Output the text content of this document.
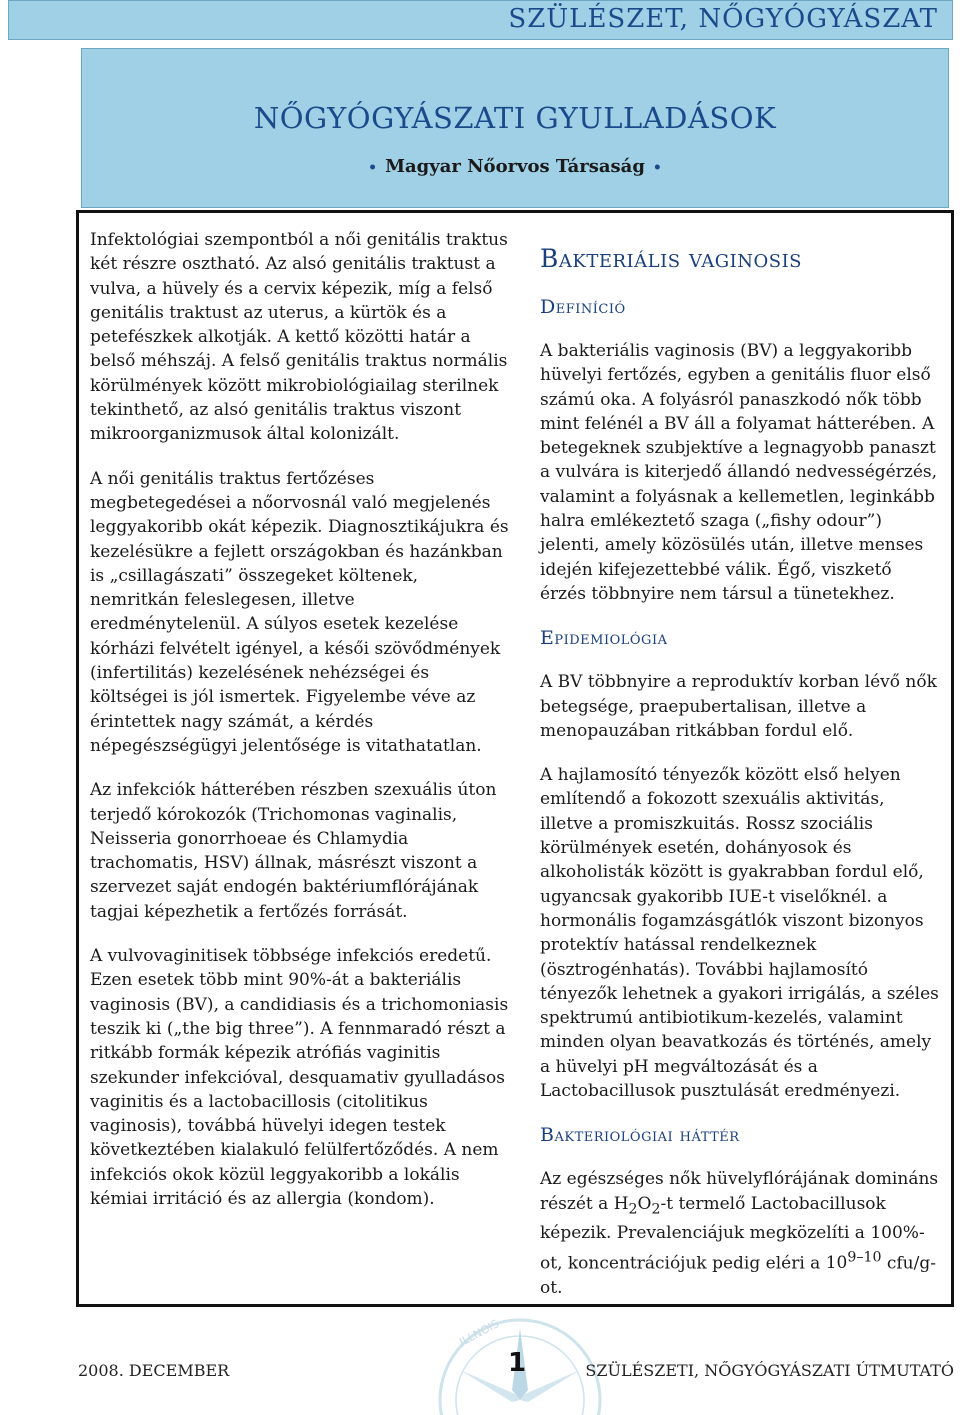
SZÜLÉSZET, NŐGYÓGYÁSZAT
NŐGYÓGYÁSZATI GYULLADÁSOK
• Magyar Nőorvos Társaság •

Infektológiai szempontból a női genitális traktus két részre osztható. Az alsó genitális traktust a vulva, a hüvely és a cervix képezik, míg a felső genitális traktust az uterus, a kürtök és a petefészkek alkotják. A kettő közötti határ a belső méhszáj. A felső genitális traktus normális körülmények között mikrobiológiailag sterilnek tekinthető, az alsó genitális traktus viszont mikroorganizmusok által kolonizált.

A női genitális traktus fertőzéses megbetegedései a nőorvosnál való megjelenés leggyakoribb okát képezik. Diagnosztikájukra és kezelésükre a fejlett országokban és hazánkban is „csillagászati” összegeket költenek, nemritkán feleslegesen, illetve eredménytelenül. A súlyos esetek kezelése kórházi felvételt igényel, a késői szövődmények (infertilitás) kezelésének nehézségei és költségei is jól ismertek. Figyelembe véve az érintettek nagy számát, a kérdés népegészségügyi jelentősége is vitathatatlan.

Az infekciók hátterében részben szexuális úton terjedő kórokozók (Trichomonas vaginalis, Neisseria gonorrhoeae és Chlamydia trachomatis, HSV) állnak, másrészt viszont a szervezet saját endogén baktériumflórájának tagjai képezhetik a fertőzés forrását.

A vulvovaginitisek többsége infekciós eredetű. Ezen esetek több mint 90%-át a bakteriális vaginosis (BV), a candidiasis és a trichomoniasis teszik ki („the big three”). A fennmaradó részt a ritkább formák képezik atrófiás vaginitis szekunder infekcióval, desquamativ gyulladásos vaginitis és a lactobacillosis (citolitikus vaginosis), továbbá hüvelyi idegen testek következtében kialakuló felülfertőződés. A nem infekciós okok közül leggyakoribb a lokális kémiai irritáció és az allergia (kondom).

Bakteriális vaginosis
Definíció

A bakteriális vaginosis (BV) a leggyakoribb hüvelyi fertőzés, egyben a genitális fluor első számú oka. A folyásról panaszkodó nők több mint felénél a BV áll a folyamat hátterében. A betegeknek szubjektíve a legnagyobb panaszt a vulvára is kiterjedő állandó nedvességérzés, valamint a folyásnak a kellemetlen, leginkább halra emlékeztető szaga („fishy odour”) jelenti, amely közösülés után, illetve menses idején kifejezettebbé válik. Égő, viszkető érzés többnyire nem társul a tünetekhez.

Epidemiológia

A BV többnyire a reproduktív korban lévő nők betegsége, praepubertalisan, illetve a menopauzában ritkábban fordul elő.

A hajlamosító tényezők között első helyen említendő a fokozott szexuális aktivitás, illetve a promiszkuitás. Rossz szociális körülmények esetén, dohányosok és alkoholisták között is gyakrabban fordul elő, ugyancsak gyakoribb IUE-t viselőknél. a hormonális fogamzásgátlók viszont bizonyos protektív hatással rendelkeznek (ösztrogénhatás). További hajlamosító tényezők lehetnek a gyakori irrigálás, a széles spektrumú antibiotikum-kezelés, valamint minden olyan beavatkozás és történés, amely a hüvelyi pH megváltozását és a Lactobacillusok pusztulását eredményezi.

Bakteriológiai háttér

Az egészséges nők hüvelyflórájának domináns részét a $H_2O_2-t$ termelő Lactobacillusok képezik. Prevalenciájuk megközelíti a 100%-ot, koncentrációjuk pedig eléri a 10$^{9-10}$ cfu/g-ot.

ILLNOIS
2008. DECEMBER	1	SZÜLÉSZETI, NŐGYÓGYÁSZATI ÚTMUTATÓ
